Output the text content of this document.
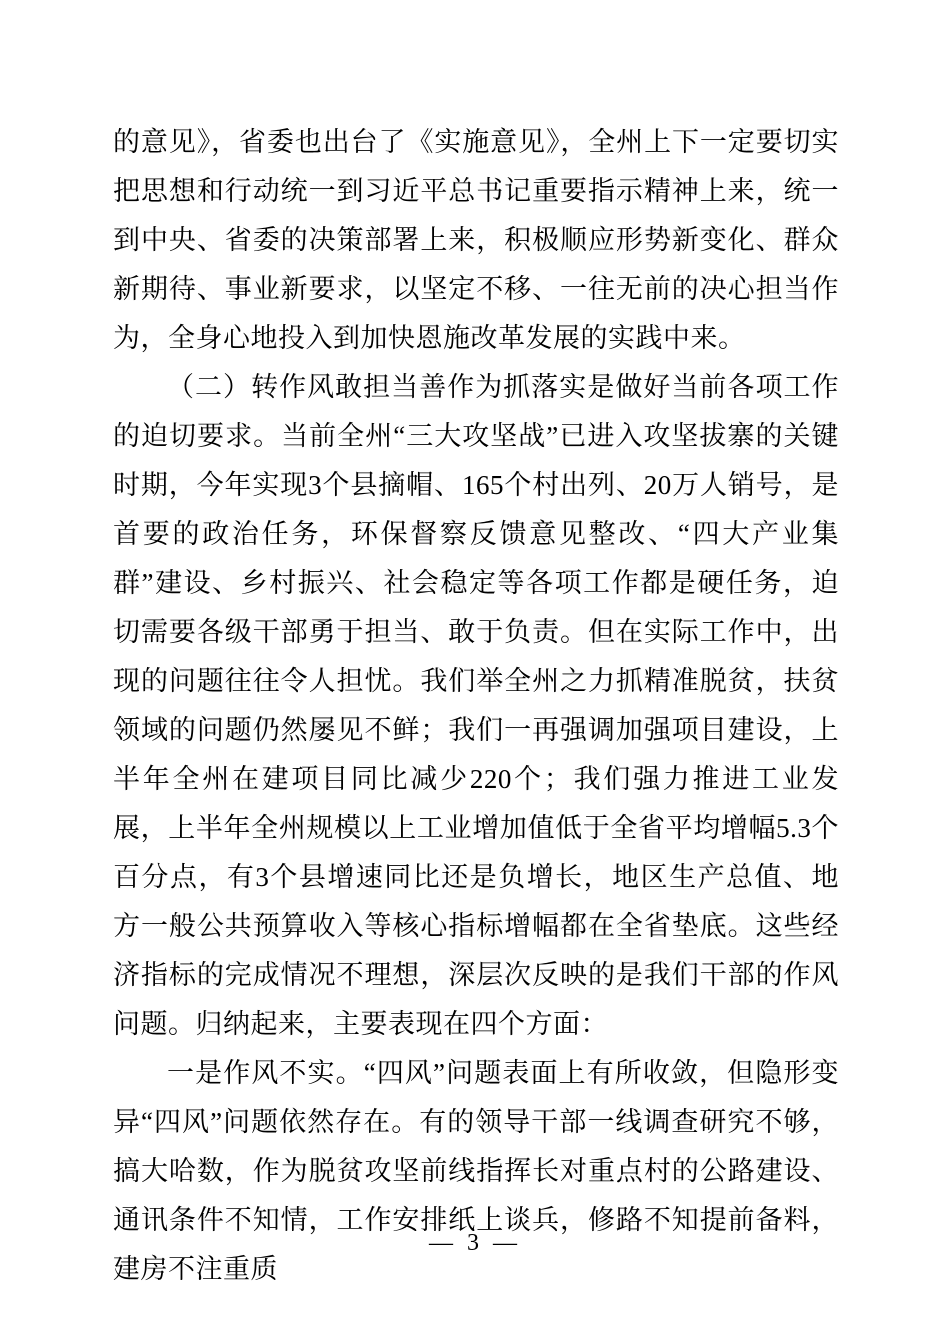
的意见》，省委也出台了《实施意见》，全州上下一定要切实把思想和行动统一到习近平总书记重要指示精神上来，统一到中央、省委的决策部署上来，积极顺应形势新变化、群众新期待、事业新要求，以坚定不移、一往无前的决心担当作为，全身心地投入到加快恩施改革发展的实践中来。

（二）转作风敢担当善作为抓落实是做好当前各项工作的迫切要求。当前全州“三大攻坚战”已进入攻坚拔寨的关键时期，今年实现3个县摘帽、165个村出列、20万人销号，是首要的政治任务，环保督察反馈意见整改、“四大产业集群”建设、乡村振兴、社会稳定等各项工作都是硬任务，迫切需要各级干部勇于担当、敢于负责。但在实际工作中，出现的问题往往令人担忧。我们举全州之力抓精准脱贫，扶贫领域的问题仍然屡见不鲜；我们一再强调加强项目建设，上半年全州在建项目同比减少220个；我们强力推进工业发展，上半年全州规模以上工业增加值低于全省平均增幅5.3个百分点，有3个县增速同比还是负增长，地区生产总值、地方一般公共预算收入等核心指标增幅都在全省垫底。这些经济指标的完成情况不理想，深层次反映的是我们干部的作风问题。归纳起来，主要表现在四个方面：

一是作风不实。“四风”问题表面上有所收敛，但隐形变异“四风”问题依然存在。有的领导干部一线调查研究不够，搞大哈数，作为脱贫攻坚前线指挥长对重点村的公路建设、通讯条件不知情，工作安排纸上谈兵，修路不知提前备料，建房不注重质

— 3 —
